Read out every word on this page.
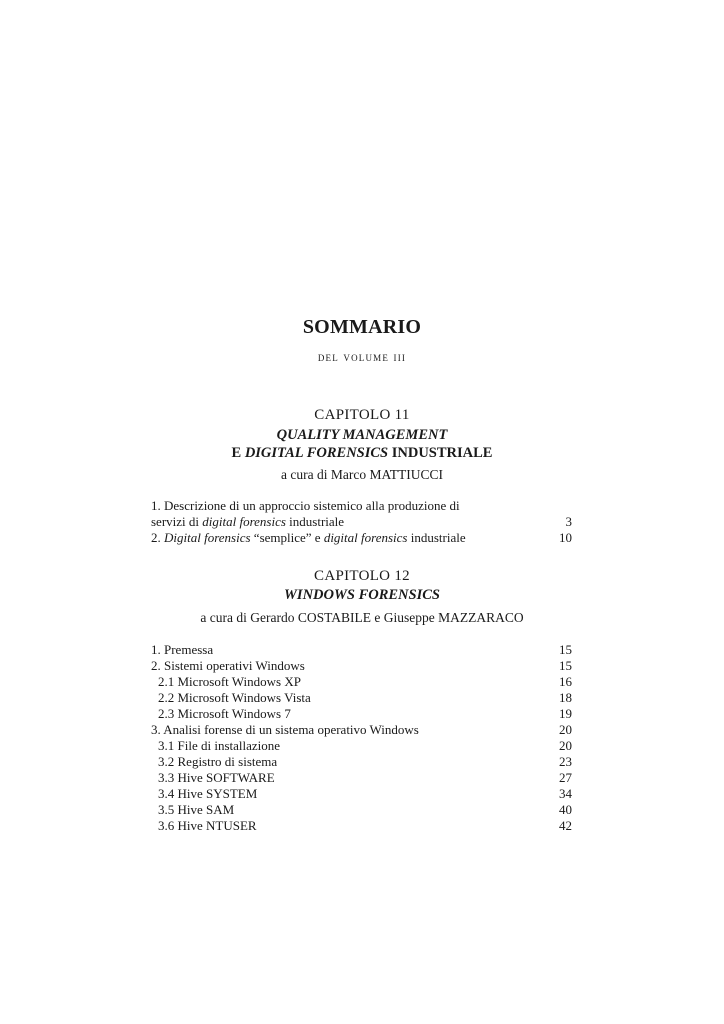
SOMMARIO
del volume iii
CAPITOLO 11
QUALITY MANAGEMENT
E DIGITAL FORENSICS INDUSTRIALE
a cura di Marco MATTIUCCI
1. Descrizione di un approccio sistemico alla produzione di
servizi di digital forensics industriale	3
2. Digital forensics “semplice” e digital forensics industriale	10
CAPITOLO 12
WINDOWS FORENSICS
a cura di Gerardo COSTABILE e Giuseppe MAZZARACO
1. Premessa	15
2. Sistemi operativi Windows	15
2.1 Microsoft Windows XP	16
2.2 Microsoft Windows Vista	18
2.3 Microsoft Windows 7	19
3. Analisi forense di un sistema operativo Windows	20
3.1 File di installazione	20
3.2 Registro di sistema	23
3.3 Hive SOFTWARE	27
3.4 Hive SYSTEM	34
3.5 Hive SAM	40
3.6 Hive NTUSER	42
